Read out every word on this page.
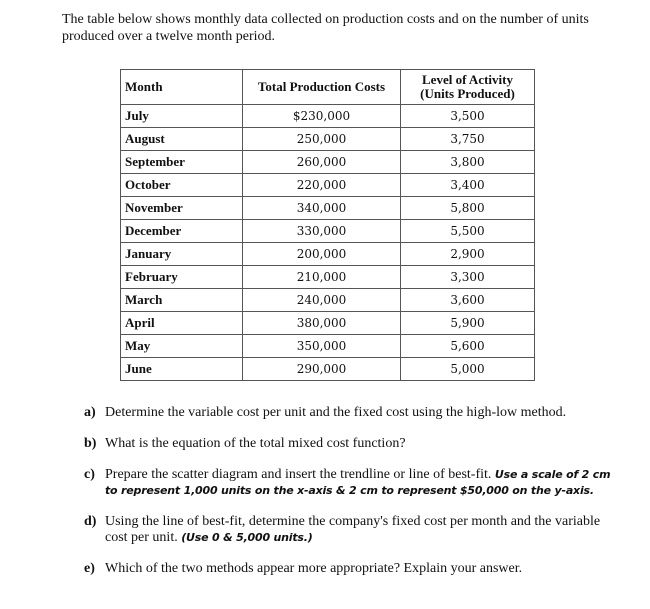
The table below shows monthly data collected on production costs and on the number of units produced over a twelve month period.
Month	Total Production Costs	Level of Activity (Units Produced)
July	$230,000	3,500
August	250,000	3,750
September	260,000	3,800
October	220,000	3,400
November	340,000	5,800
December	330,000	5,500
January	200,000	2,900
February	210,000	3,300
March	240,000	3,600
April	380,000	5,900
May	350,000	5,600
June	290,000	5,000
a) Determine the variable cost per unit and the fixed cost using the high-low method.
b) What is the equation of the total mixed cost function?
c) Prepare the scatter diagram and insert the trendline or line of best-fit. Use a scale of 2 cm to represent 1,000 units on the x-axis & 2 cm to represent $50,000 on the y-axis.
d) Using the line of best-fit, determine the company's fixed cost per month and the variable cost per unit. (Use 0 & 5,000 units.)
e) Which of the two methods appear more appropriate? Explain your answer.
